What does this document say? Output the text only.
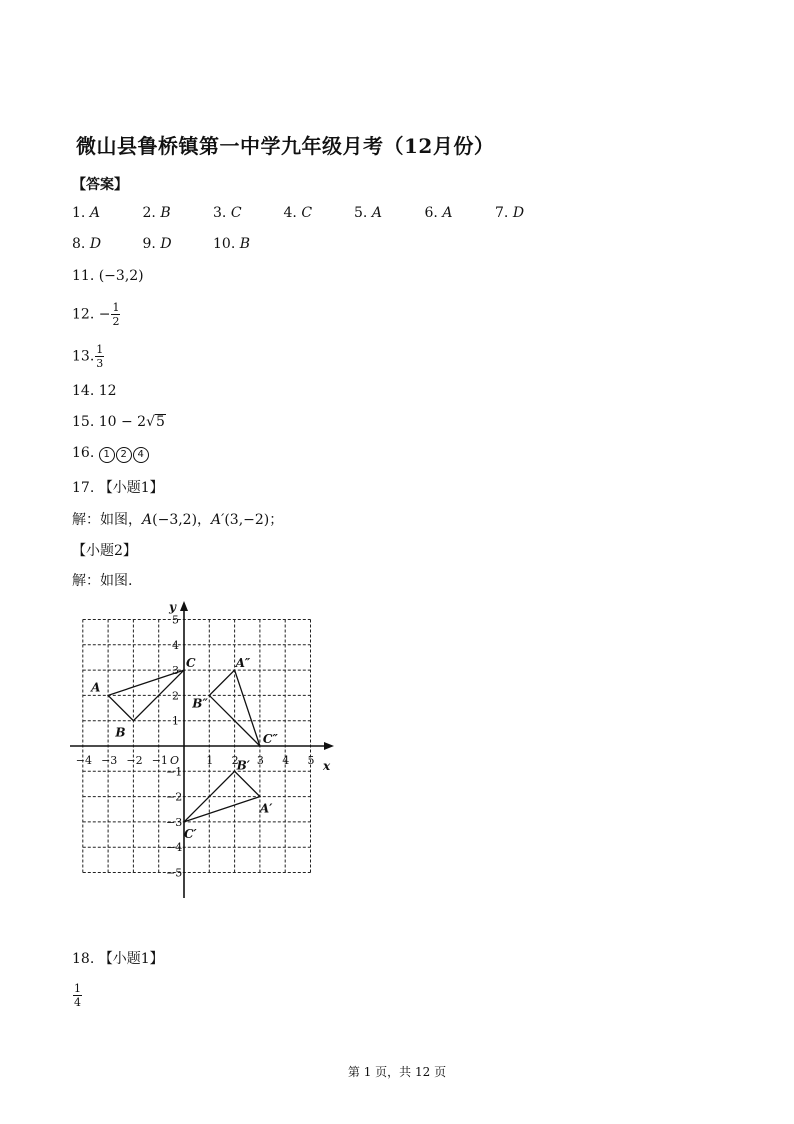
微山县鲁桥镇第一中学九年级月考（12月份）
【答案】
1. A	2. B	3. C	4. C	5. A	6. A	7. D
8. D	9. D	10. B
11. (−3,2)
12. − $\frac{1}{2}$
13. $\frac{1}{3}$
14. 12
15. 10 − 2√5
16. 1 2 4
17. 【小题1】
解：如图，A(−3,2)，A′(3,−2)；
【小题2】
解：如图.
x
y
O
−4 −3 −2 −1	1 2 3 4 5
5
4
3
2
1
−1
−2
−3
−4
−5
A
B
C	A″
B″
C″
A′
B′
C′
18. 【小题1】
$\frac{1}{4}$
第 1 页，共 12 页
